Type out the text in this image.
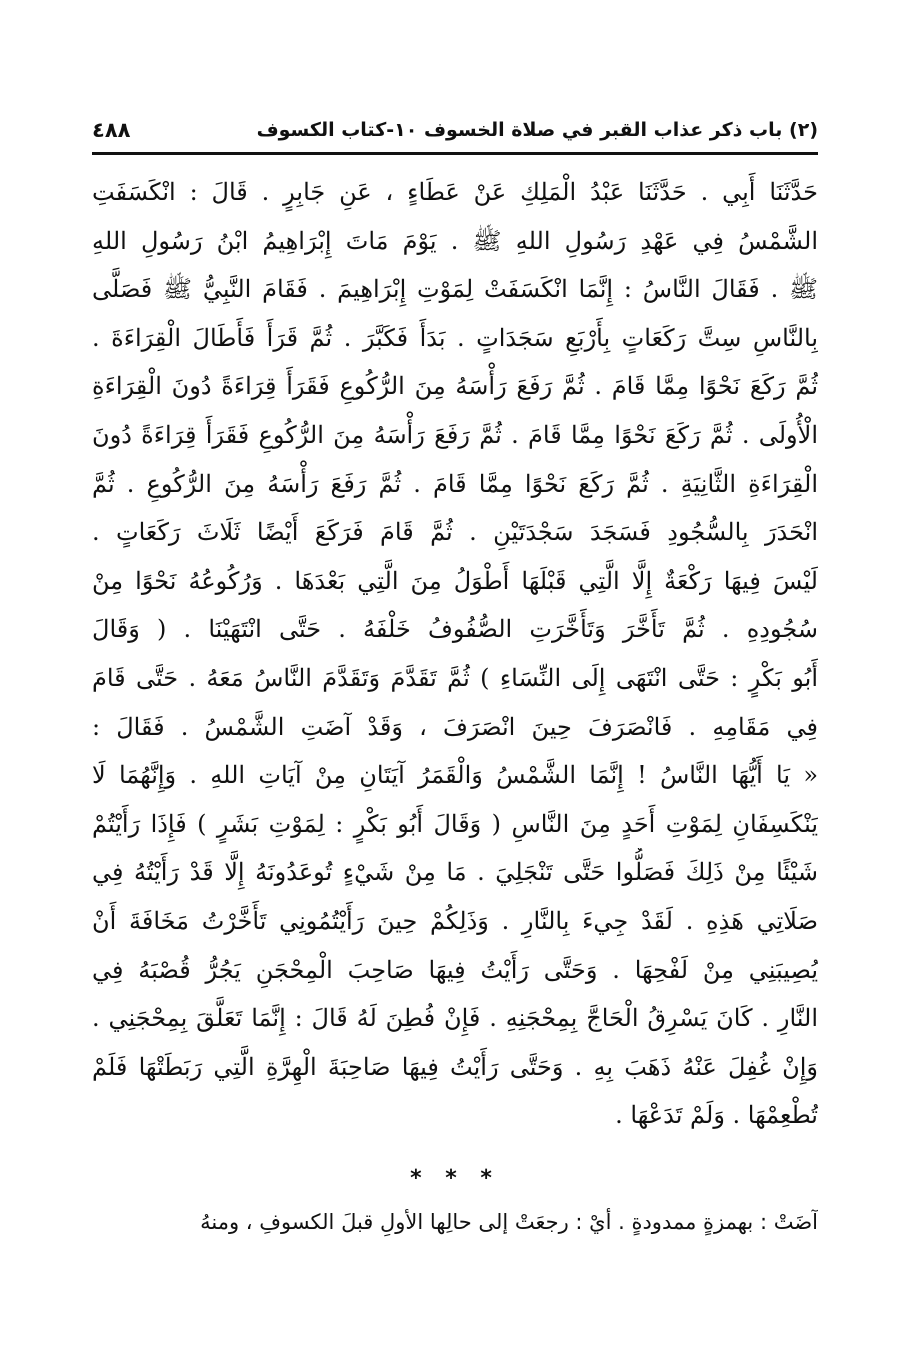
(٢) باب ذكر عذاب القبر في صلاة الخسوف ١٠-كتاب الكسوف
٤٨٨
حَدَّثَنَا أَبِي . حَدَّثَنَا عَبْدُ الْمَلِكِ عَنْ عَطَاءٍ ، عَنِ جَابِرٍ . قَالَ : انْكَسَفَتِ
الشَّمْسُ فِي عَهْدِ رَسُولِ اللهِ ﷺ . يَوْمَ مَاتَ إِبْرَاهِيمُ ابْنُ رَسُولِ اللهِ
ﷺ . فَقَالَ النَّاسُ : إِنَّمَا انْكَسَفَتْ لِمَوْتِ إِبْرَاهِيمَ . فَقَامَ النَّبِيُّ ﷺ فَصَلَّى
بِالنَّاسِ سِتَّ رَكَعَاتٍ بِأَرْبَعِ سَجَدَاتٍ . بَدَأَ فَكَبَّرَ . ثُمَّ قَرَأَ فَأَطَالَ الْقِرَاءَةَ .
ثُمَّ رَكَعَ نَحْوًا مِمَّا قَامَ . ثُمَّ رَفَعَ رَأْسَهُ مِنَ الرُّكُوعِ فَقَرَأَ قِرَاءَةً دُونَ الْقِرَاءَةِ
الْأُولَى . ثُمَّ رَكَعَ نَحْوًا مِمَّا قَامَ . ثُمَّ رَفَعَ رَأْسَهُ مِنَ الرُّكُوعِ فَقَرَأَ قِرَاءَةً دُونَ
الْقِرَاءَةِ الثَّانِيَةِ . ثُمَّ رَكَعَ نَحْوًا مِمَّا قَامَ . ثُمَّ رَفَعَ رَأْسَهُ مِنَ الرُّكُوعِ . ثُمَّ
انْحَدَرَ بِالسُّجُودِ فَسَجَدَ سَجْدَتَيْنِ . ثُمَّ قَامَ فَرَكَعَ أَيْضًا ثَلَاثَ رَكَعَاتٍ .
لَيْسَ فِيهَا رَكْعَةٌ إِلَّا الَّتِي قَبْلَهَا أَطْوَلُ مِنَ الَّتِي بَعْدَهَا . وَرُكُوعُهُ نَحْوًا مِنْ
سُجُودِهِ . ثُمَّ تَأَخَّرَ وَتَأَخَّرَتِ الصُّفُوفُ خَلْفَهُ . حَتَّى انْتَهَيْنَا . ( وَقَالَ
أَبُو بَكْرٍ : حَتَّى انْتَهَى إِلَى النِّسَاءِ ) ثُمَّ تَقَدَّمَ وَتَقَدَّمَ النَّاسُ مَعَهُ . حَتَّى قَامَ
فِي مَقَامِهِ . فَانْصَرَفَ حِينَ انْصَرَفَ ، وَقَدْ آضَتِ الشَّمْسُ . فَقَالَ :
« يَا أَيُّهَا النَّاسُ ! إِنَّمَا الشَّمْسُ وَالْقَمَرُ آيَتَانِ مِنْ آيَاتِ اللهِ . وَإِنَّهُمَا لَا
يَنْكَسِفَانِ لِمَوْتِ أَحَدٍ مِنَ النَّاسِ ( وَقَالَ أَبُو بَكْرٍ : لِمَوْتِ بَشَرٍ ) فَإِذَا رَأَيْتُمْ
شَيْئًا مِنْ ذَلِكَ فَصَلُّوا حَتَّى تَنْجَلِيَ . مَا مِنْ شَيْءٍ تُوعَدُونَهُ إِلَّا قَدْ رَأَيْتُهُ فِي
صَلَاتِي هَذِهِ . لَقَدْ جِيءَ بِالنَّارِ . وَذَلِكُمْ حِينَ رَأَيْتُمُونِي تَأَخَّرْتُ مَخَافَةَ أَنْ
يُصِيبَنِي مِنْ لَفْحِهَا . وَحَتَّى رَأَيْتُ فِيهَا صَاحِبَ الْمِحْجَنِ يَجُرُّ قُصْبَهُ فِي
النَّارِ . كَانَ يَسْرِقُ الْحَاجَّ بِمِحْجَنِهِ . فَإِنْ فُطِنَ لَهُ قَالَ : إِنَّمَا تَعَلَّقَ بِمِحْجَنِي .
وَإِنْ غُفِلَ عَنْهُ ذَهَبَ بِهِ . وَحَتَّى رَأَيْتُ فِيهَا صَاحِبَةَ الْهِرَّةِ الَّتِي رَبَطَتْهَا فَلَمْ
تُطْعِمْهَا . وَلَمْ تَدَعْهَا .
* * *
آضَتْ : بهمزةٍ ممدودةٍ . أيْ : رجعَتْ إلى حالِها الأولِ قبلَ الكسوفِ ، ومنهُ
